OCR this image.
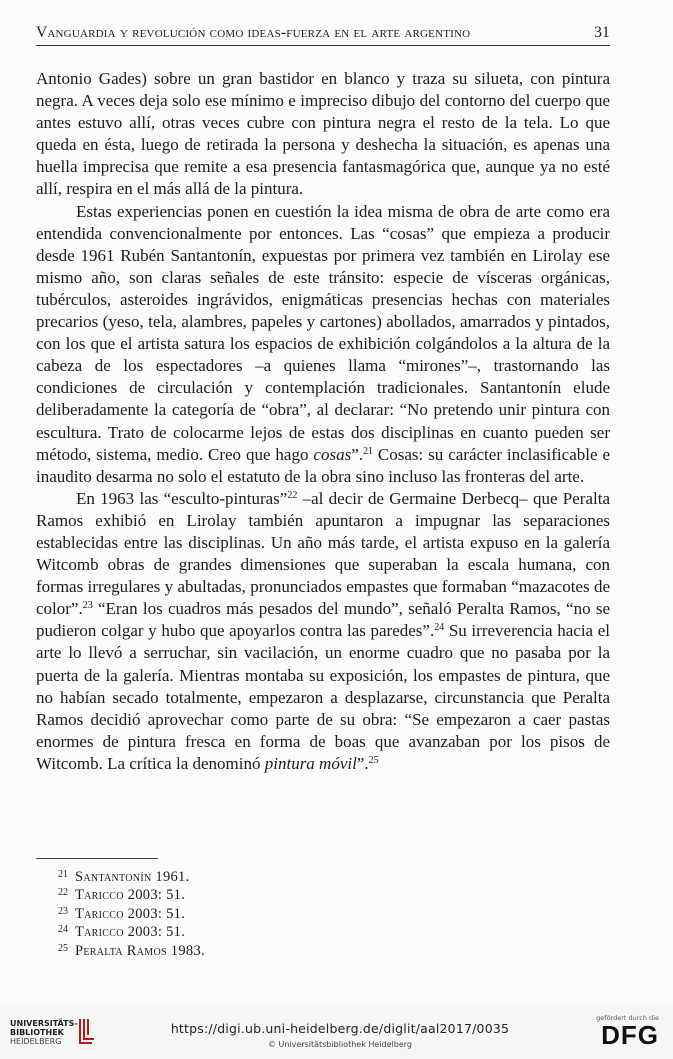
Vanguardia y revolución como ideas-fuerza en el arte argentino	31

Antonio Gades) sobre un gran bastidor en blanco y traza su silueta, con pintura negra. A veces deja solo ese mínimo e impreciso dibujo del contorno del cuerpo que antes estuvo allí, otras veces cubre con pintura negra el resto de la tela. Lo que queda en ésta, luego de retirada la persona y deshecha la situación, es apenas una huella imprecisa que remite a esa presencia fantasmagórica que, aunque ya no esté allí, respira en el más allá de la pintura.

Estas experiencias ponen en cuestión la idea misma de obra de arte como era entendida convencionalmente por entonces. Las “cosas” que empieza a producir desde 1961 Rubén Santantonín, expuestas por primera vez también en Lirolay ese mismo año, son claras señales de este tránsito: especie de vísceras orgánicas, tubérculos, asteroides ingrávidos, enigmáticas presencias hechas con materiales precarios (yeso, tela, alambres, papeles y cartones) abollados, amarrados y pintados, con los que el artista satura los espacios de exhibición colgándolos a la altura de la cabeza de los espectadores –a quienes llama “mirones”–, trastornando las condiciones de circulación y contemplación tradicionales. Santantonín elude deliberadamente la categoría de “obra”, al declarar: “No pretendo unir pintura con escultura. Trato de colocarme lejos de estas dos disciplinas en cuanto pueden ser método, sistema, medio. Creo que hago cosas”.$^{21}$ Cosas: su carácter inclasificable e inaudito desarma no solo el estatuto de la obra sino incluso las fronteras del arte.

En 1963 las “esculto-pinturas”$^{22}$ –al decir de Germaine Derbecq– que Peralta Ramos exhibió en Lirolay también apuntaron a impugnar las separaciones establecidas entre las disciplinas. Un año más tarde, el artista expuso en la galería Witcomb obras de grandes dimensiones que superaban la escala humana, con formas irregulares y abultadas, pronunciados empastes que formaban “mazacotes de color”.$^{23}$ “Eran los cuadros más pesados del mundo”, señaló Peralta Ramos, “no se pudieron colgar y hubo que apoyarlos contra las paredes”.$^{24}$ Su irreverencia hacia el arte lo llevó a serruchar, sin vacilación, un enorme cuadro que no pasaba por la puerta de la galería. Mientras montaba su exposición, los empastes de pintura, que no habían secado totalmente, empezaron a desplazarse, circunstancia que Peralta Ramos decidió aprovechar como parte de su obra: “Se empezaron a caer pastas enormes de pintura fresca en forma de boas que avanzaban por los pisos de Witcomb. La crítica la denominó pintura móvil”.$^{25}$

21 Santantonín 1961.
22 Taricco 2003: 51.
23 Taricco 2003: 51.
24 Taricco 2003: 51.
25 Peralta Ramos 1983.
UNIVERSITÄTS-
BIBLIOTHEK
HEIDELBERG
https://digi.ub.uni-heidelberg.de/diglit/aal2017/0035
© Universitätsbibliothek Heidelberg
gefördert durch die
DFG
